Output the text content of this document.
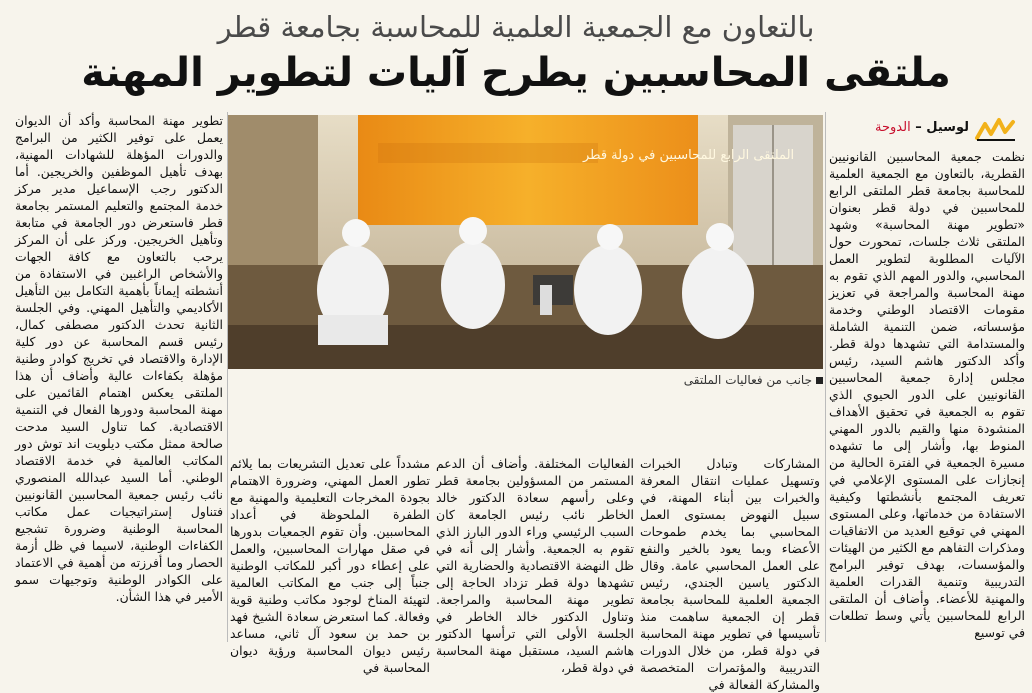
بالتعاون مع الجمعية العلمية للمحاسبة بجامعة قطر
ملتقى المحاسبين يطرح آليات لتطوير المهنة
لوسيل – الدوحة
الملتقى الرابع للمحاسبين في دولة قطر
جانب من فعاليات الملتقى

نظمت جمعية المحاسبين القانونيين القطرية، بالتعاون مع الجمعية العلمية للمحاسبة بجامعة قطر الملتقى الرابع للمحاسبين في دولة قطر بعنوان «تطوير مهنة المحاسبة» وشهد الملتقى ثلاث جلسات، تمحورت حول الآليات المطلوبة لتطوير العمل المحاسبي، والدور المهم الذي تقوم به مهنة المحاسبة والمراجعة في تعزيز مقومات الاقتصاد الوطني وخدمة مؤسساته، ضمن التنمية الشاملة والمستدامة التي تشهدها دولة قطر. وأكد الدكتور هاشم السيد، رئيس مجلس إدارة جمعية المحاسبين القانونيين على الدور الحيوي الذي تقوم به الجمعية في تحقيق الأهداف المنشودة منها والقيم بالدور المهني المنوط بها، وأشار إلى ما تشهده مسيرة الجمعية في الفترة الحالية من إنجازات على المستوى الإعلامي في تعريف المجتمع بأنشطتها وكيفية الاستفادة من خدماتها، وعلى المستوى المهني في توقيع العديد من الاتفاقيات ومذكرات التفاهم مع الكثير من الهيئات والمؤسسات، بهدف توفير البرامج التدريبية وتنمية القدرات العلمية والمهنية للأعضاء. وأضاف أن الملتقى الرابع للمحاسبين يأتي وسط تطلعات في توسيع

المشاركات وتبادل الخبرات وتسهيل عمليات انتقال المعرفة والخبرات بين أبناء المهنة، في سبيل النهوض بمستوى العمل المحاسبي بما يخدم طموحات الأعضاء وبما يعود بالخير والنفع على العمل المحاسبي عامة. وقال الدكتور ياسين الجندي، رئيس الجمعية العلمية للمحاسبة بجامعة قطر إن الجمعية ساهمت منذ تأسيسها في تطوير مهنة المحاسبة في دولة قطر، من خلال الدورات التدريبية والمؤتمرات المتخصصة والمشاركة الفعالة في

الفعاليات المختلفة. وأضاف أن الدعم المستمر من المسؤولين بجامعة قطر وعلى رأسهم سعادة الدكتور خالد الخاطر نائب رئيس الجامعة كان السبب الرئيسي وراء الدور البارز الذي تقوم به الجمعية. وأشار إلى أنه في ظل النهضة الاقتصادية والحضارية التي تشهدها دولة قطر تزداد الحاجة إلى تطوير مهنة المحاسبة والمراجعة. وتناول الدكتور خالد الخاطر في الجلسة الأولى التي ترأسها الدكتور هاشم السيد، مستقبل مهنة المحاسبة في دولة قطر،

مشدداً على تعديل التشريعات بما يلائم تطور العمل المهني، وضرورة الاهتمام بجودة المخرجات التعليمية والمهنية مع الطفرة الملحوظة في أعداد المحاسبين. وأن تقوم الجمعيات بدورها في صقل مهارات المحاسبين، والعمل على إعطاء دور أكبر للمكاتب الوطنية جنباً إلى جنب مع المكاتب العالمية لتهيئة المناخ لوجود مكاتب وطنية قوية وفعالة. كما استعرض سعادة الشيخ فهد بن حمد بن سعود آل ثاني، مساعد رئيس ديوان المحاسبة ورؤية ديوان المحاسبة في

تطوير مهنة المحاسبة وأكد أن الديوان يعمل على توفير الكثير من البرامج والدورات المؤهلة للشهادات المهنية، بهدف تأهيل الموظفين والخريجين. أما الدكتور رجب الإسماعيل مدير مركز خدمة المجتمع والتعليم المستمر بجامعة قطر فاستعرض دور الجامعة في متابعة وتأهيل الخريجين. وركز على أن المركز يرحب بالتعاون مع كافة الجهات والأشخاص الراغبين في الاستفادة من أنشطته إيماناً بأهمية التكامل بين التأهيل الأكاديمي والتأهيل المهني. وفي الجلسة الثانية تحدث الدكتور مصطفى كمال، رئيس قسم المحاسبة عن دور كلية الإدارة والاقتصاد في تخريج كوادر وطنية مؤهلة بكفاءات عالية وأضاف أن هذا الملتقى يعكس اهتمام القائمين على مهنة المحاسبة ودورها الفعال في التنمية الاقتصادية. كما تناول السيد مدحت صالحة ممثل مكتب ديلويت اند توش دور المكاتب العالمية في خدمة الاقتصاد الوطني. أما السيد عبدالله المنصوري نائب رئيس جمعية المحاسبين القانونيين فتناول إستراتيجيات عمل مكاتب المحاسبة الوطنية وضرورة تشجيع الكفاءات الوطنية، لاسيما في ظل أزمة الحصار وما أفرزته من أهمية في الاعتماد على الكوادر الوطنية وتوجيهات سمو الأمير في هذا الشأن.
